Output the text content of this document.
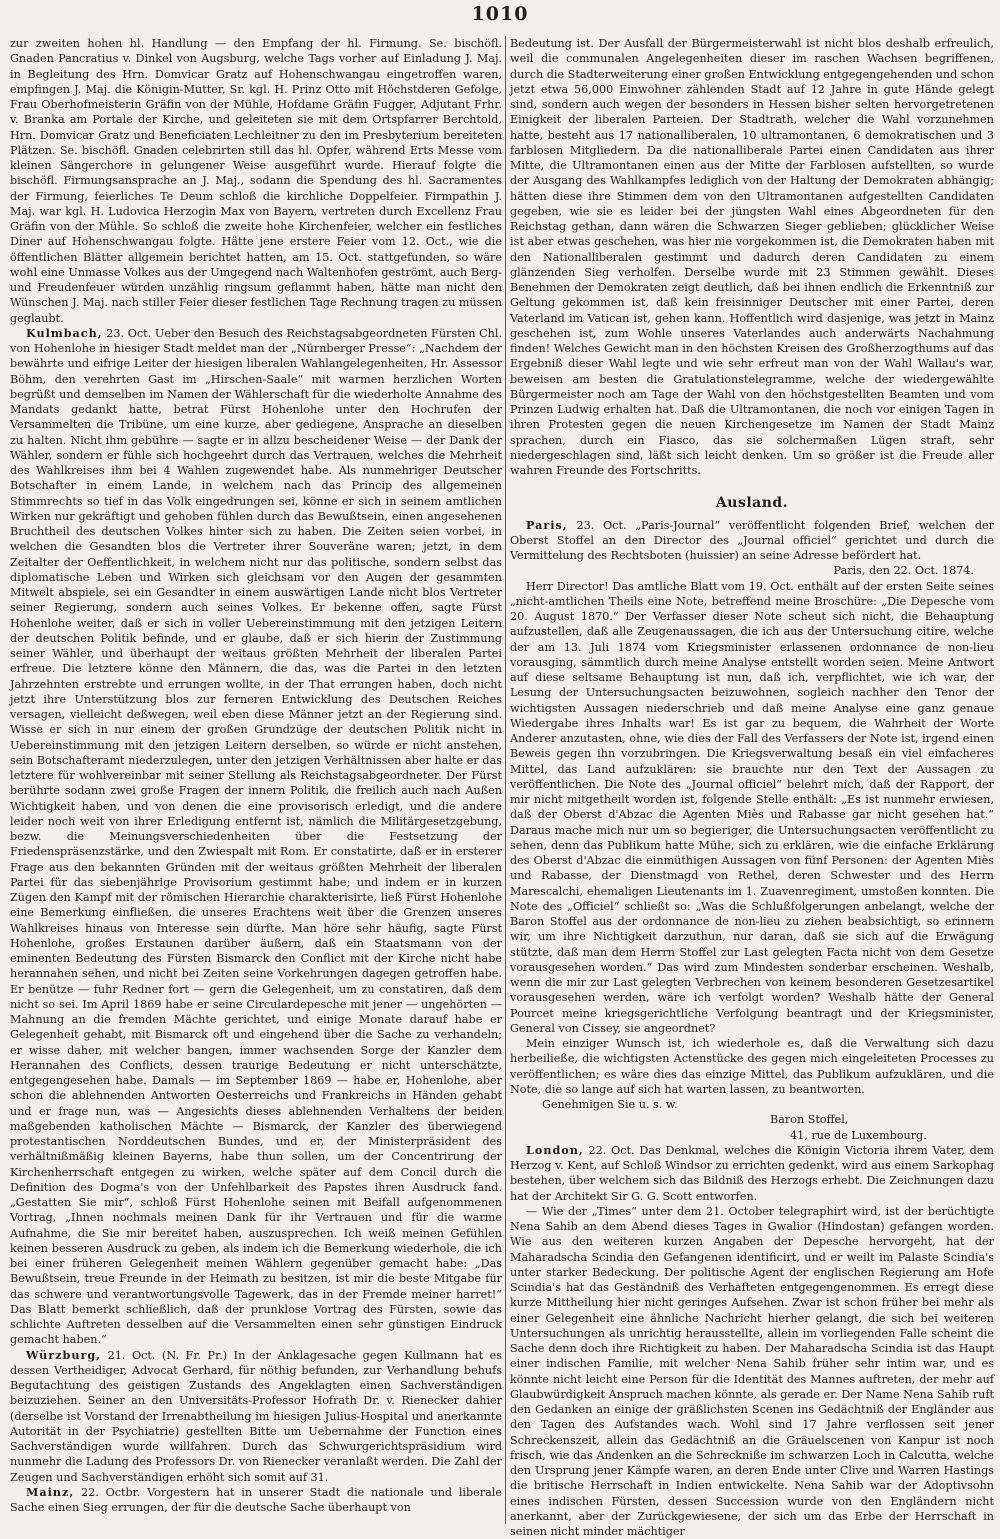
1010

zur zweiten hohen hl. Handlung — den Empfang der hl. Firmung. Se. bischöfl. Gnaden Pancratius v. Dinkel von Augsburg, welche Tags vorher auf Einladung J. Maj. in Begleitung des Hrn. Domvicar Gratz auf Hohenschwangau eingetroffen waren, empfingen J. Maj. die Königin-Mutter, Sr. kgl. H. Prinz Otto mit Höchstderen Gefolge, Frau Oberhofmeisterin Gräfin von der Mühle, Hofdame Gräfin Fugger, Adjutant Frhr. v. Branka am Portale der Kirche, und geleiteten sie mit dem Ortspfarrer Berchtold, Hrn. Domvicar Gratz und Beneficiaten Lechleitner zu den im Presbyterium bereiteten Plätzen. Se. bischöfl. Gnaden celebrirten still das hl. Opfer, während Erts Messe vom kleinen Sängerchore in gelungener Weise ausgeführt wurde. Hierauf folgte die bischöfl. Firmungsansprache an J. Maj., sodann die Spendung des hl. Sacramentes der Firmung, feierliches Te Deum schloß die kirchliche Doppelfeier. Firmpathin J. Maj. war kgl. H. Ludovica Herzogin Max von Bayern, vertreten durch Excellenz Frau Gräfin von der Mühle. So schloß die zweite hohe Kirchenfeier, welcher ein festliches Diner auf Hohenschwangau folgte. Hätte jene erstere Feier vom 12. Oct., wie die öffentlichen Blätter allgemein berichtet hatten, am 15. Oct. stattgefunden, so wäre wohl eine Unmasse Volkes aus der Umgegend nach Waltenhofen geströmt, auch Berg- und Freudenfeuer würden unzählig ringsum geflammt haben, hätte man nicht den Wünschen J. Maj. nach stiller Feier dieser festlichen Tage Rechnung tragen zu müssen geglaubt.

Kulmbach, 23. Oct. Ueber den Besuch des Reichstagsabgeordneten Fürsten Chl. von Hohenlohe in hiesiger Stadt meldet man der „Nürnberger Presse“: „Nachdem der bewährte und eifrige Leiter der hiesigen liberalen Wahlangelegenheiten, Hr. Assessor Böhm, den verehrten Gast im „Hirschen-Saale“ mit warmen herzlichen Worten begrüßt und demselben im Namen der Wählerschaft für die wiederholte Annahme des Mandats gedankt hatte, betrat Fürst Hohenlohe unter den Hochrufen der Versammelten die Tribüne, um eine kurze, aber gediegene, Ansprache an dieselben zu halten. Nicht ihm gebühre — sagte er in allzu bescheidener Weise — der Dank der Wähler, sondern er fühle sich hochgeehrt durch das Vertrauen, welches die Mehrheit des Wahlkreises ihm bei 4 Wahlen zugewendet habe. Als nunmehriger Deutscher Botschafter in einem Lande, in welchem nach das Princip des allgemeinen Stimmrechts so tief in das Volk eingedrungen sei, könne er sich in seinem amtlichen Wirken nur gekräftigt und gehoben fühlen durch das Bewußtsein, einen angesehenen Bruchtheil des deutschen Volkes hinter sich zu haben. Die Zeiten seien vorbei, in welchen die Gesandten blos die Vertreter ihrer Souveräne waren; jetzt, in dem Zeitalter der Oeffentlichkeit, in welchem nicht nur das politische, sondern selbst das diplomatische Leben und Wirken sich gleichsam vor den Augen der gesammten Mitwelt abspiele, sei ein Gesandter in einem auswärtigen Lande nicht blos Vertreter seiner Regierung, sondern auch seines Volkes. Er bekenne offen, sagte Fürst Hohenlohe weiter, daß er sich in voller Uebereinstimmung mit den jetzigen Leitern der deutschen Politik befinde, und er glaube, daß er sich hierin der Zustimmung seiner Wähler, und überhaupt der weitaus größten Mehrheit der liberalen Partei erfreue. Die letztere könne den Männern, die das, was die Partei in den letzten Jahrzehnten erstrebte und errungen wollte, in der That errungen haben, doch nicht jetzt ihre Unterstützung blos zur ferneren Entwicklung des Deutschen Reiches versagen, vielleicht deßwegen, weil eben diese Männer jetzt an der Regierung sind. Wisse er sich in nur einem der großen Grundzüge der deutschen Politik nicht in Uebereinstimmung mit den jetzigen Leitern derselben, so würde er nicht anstehen, sein Botschafteramt niederzulegen, unter den jetzigen Verhältnissen aber halte er das letztere für wohlvereinbar mit seiner Stellung als Reichstagsabgeordneter. Der Fürst berührte sodann zwei große Fragen der innern Politik, die freilich auch nach Außen Wichtigkeit haben, und von denen die eine provisorisch erledigt, und die andere leider noch weit von ihrer Erledigung entfernt ist, nämlich die Militärgesetzgebung, bezw. die Meinungsverschiedenheiten über die Festsetzung der Friedenspräsenzstärke, und den Zwiespalt mit Rom. Er constatirte, daß er in ersterer Frage aus den bekannten Gründen mit der weitaus größten Mehrheit der liberalen Partei für das siebenjährige Provisorium gestimmt habe; und indem er in kurzen Zügen den Kampf mit der römischen Hierarchie charakterisirte, ließ Fürst Hohenlohe eine Bemerkung einfließen, die unseres Erachtens weit über die Grenzen unseres Wahlkreises hinaus von Interesse sein dürfte. Man höre sehr häufig, sagte Fürst Hohenlohe, großes Erstaunen darüber äußern, daß ein Staatsmann von der eminenten Bedeutung des Fürsten Bismarck den Conflict mit der Kirche nicht habe herannahen sehen, und nicht bei Zeiten seine Vorkehrungen dagegen getroffen habe. Er benütze — fuhr Redner fort — gern die Gelegenheit, um zu constatiren, daß dem nicht so sei. Im April 1869 habe er seine Circulardepesche mit jener — ungehörten — Mahnung an die fremden Mächte gerichtet, und einige Monate darauf habe er Gelegenheit gehabt, mit Bismarck oft und eingehend über die Sache zu verhandeln; er wisse daher, mit welcher bangen, immer wachsenden Sorge der Kanzler dem Herannahen des Conflicts, dessen traurige Bedeutung er nicht unterschätzte, entgegengesehen habe. Damals — im September 1869 — habe er, Hohenlohe, aber schon die ablehnenden Antworten Oesterreichs und Frankreichs in Händen gehabt und er frage nun, was — Angesichts dieses ablehnenden Verhaltens der beiden maßgebenden katholischen Mächte — Bismarck, der Kanzler des überwiegend protestantischen Norddeutschen Bundes, und er, der Ministerpräsident des verhältnißmäßig kleinen Bayerns, habe thun sollen, um der Concentrirung der Kirchenherrschaft entgegen zu wirken, welche später auf dem Concil durch die Definition des Dogma's von der Unfehlbarkeit des Papstes ihren Ausdruck fand. „Gestatten Sie mir“, schloß Fürst Hohenlohe seinen mit Beifall aufgenommenen Vortrag, „Ihnen nochmals meinen Dank für ihr Vertrauen und für die warme Aufnahme, die Sie mir bereitet haben, auszusprechen. Ich weiß meinen Gefühlen keinen besseren Ausdruck zu geben, als indem ich die Bemerkung wiederhole, die ich bei einer früheren Gelegenheit meinen Wählern gegenüber gemacht habe: „Das Bewußtsein, treue Freunde in der Heimath zu besitzen, ist mir die beste Mitgabe für das schwere und verantwortungsvolle Tagewerk, das in der Fremde meiner harret!“ Das Blatt bemerkt schließlich, daß der prunklose Vortrag des Fürsten, sowie das schlichte Auftreten desselben auf die Versammelten einen sehr günstigen Eindruck gemacht haben.“

Würzburg, 21. Oct. (N. Fr. Pr.) In der Anklagesache gegen Kullmann hat es dessen Vertheidiger, Advocat Gerhard, für nöthig befunden, zur Verhandlung behufs Begutachtung des geistigen Zustands des Angeklagten einen Sachverständigen beizuziehen. Seiner an den Universitäts-Professor Hofrath Dr. v. Rienecker dahier (derselbe ist Vorstand der Irrenabtheilung im hiesigen Julius-Hospital und anerkannte Autorität in der Psychiatrie) gestellten Bitte um Uebernahme der Function eines Sachverständigen wurde willfahren. Durch das Schwurgerichtspräsidium wird nunmehr die Ladung des Professors Dr. von Rienecker veranlaßt werden. Die Zahl der Zeugen und Sachverständigen erhöht sich somit auf 31.

Mainz, 22. Octbr. Vorgestern hat in unserer Stadt die nationale und liberale Sache einen Sieg errungen, der für die deutsche Sache überhaupt von

Bedeutung ist. Der Ausfall der Bürgermeisterwahl ist nicht blos deshalb erfreulich, weil die communalen Angelegenheiten dieser im raschen Wachsen begriffenen, durch die Stadterweiterung einer großen Entwicklung entgegengehenden und schon jetzt etwa 56,000 Einwohner zählenden Stadt auf 12 Jahre in gute Hände gelegt sind, sondern auch wegen der besonders in Hessen bisher selten hervorgetretenen Einigkeit der liberalen Parteien. Der Stadtrath, welcher die Wahl vorzunehmen hatte, besteht aus 17 nationalliberalen, 10 ultramontanen, 6 demokratischen und 3 farblosen Mitgliedern. Da die nationalliberale Partei einen Candidaten aus ihrer Mitte, die Ultramontanen einen aus der Mitte der Farblosen aufstellten, so wurde der Ausgang des Wahlkampfes lediglich von der Haltung der Demokraten abhängig; hätten diese ihre Stimmen dem von den Ultramontanen aufgestellten Candidaten gegeben, wie sie es leider bei der jüngsten Wahl eines Abgeordneten für den Reichstag gethan, dann wären die Schwarzen Sieger geblieben; glücklicher Weise ist aber etwas geschehen, was hier nie vorgekommen ist, die Demokraten haben mit den Nationalliberalen gestimmt und dadurch deren Candidaten zu einem glänzenden Sieg verholfen. Derselbe wurde mit 23 Stimmen gewählt. Dieses Benehmen der Demokraten zeigt deutlich, daß bei ihnen endlich die Erkenntniß zur Geltung gekommen ist, daß kein freisinniger Deutscher mit einer Partei, deren Vaterland im Vatican ist, gehen kann. Hoffentlich wird dasjenige, was jetzt in Mainz geschehen ist, zum Wohle unseres Vaterlandes auch anderwärts Nachahmung finden! Welches Gewicht man in den höchsten Kreisen des Großherzogthums auf das Ergebniß dieser Wahl legte und wie sehr erfreut man von der Wahl Wallau's war, beweisen am besten die Gratulationstelegramme, welche der wiedergewählte Bürgermeister noch am Tage der Wahl von den höchstgestellten Beamten und vom Prinzen Ludwig erhalten hat. Daß die Ultramontanen, die noch vor einigen Tagen in ihren Protesten gegen die neuen Kirchengesetze im Namen der Stadt Mainz sprachen, durch ein Fiasco, das sie solchermaßen Lügen straft, sehr niedergeschlagen sind, läßt sich leicht denken. Um so größer ist die Freude aller wahren Freunde des Fortschritts.

Ausland.

Paris, 23. Oct. „Paris-Journal“ veröffentlicht folgenden Brief, welchen der Oberst Stoffel an den Director des „Journal officiel“ gerichtet und durch die Vermittelung des Rechtsboten (huissier) an seine Adresse befördert hat.

Paris, den 22. Oct. 1874.

Herr Director! Das amtliche Blatt vom 19. Oct. enthält auf der ersten Seite seines „nicht-amtlichen Theils eine Note, betreffend meine Broschüre: „Die Depesche vom 20. August 1870.“ Der Verfasser dieser Note scheut sich nicht, die Behauptung aufzustellen, daß alle Zeugenaussagen, die ich aus der Untersuchung citire, welche der am 13. Juli 1874 vom Kriegsminister erlassenen ordonnance de non-lieu vorausging, sämmtlich durch meine Analyse entstellt worden seien. Meine Antwort auf diese seltsame Behauptung ist nun, daß ich, verpflichtet, wie ich war, der Lesung der Untersuchungsacten beizuwohnen, sogleich nachher den Tenor der wichtigsten Aussagen niederschrieb und daß meine Analyse eine ganz genaue Wiedergabe ihres Inhalts war! Es ist gar zu bequem, die Wahrheit der Worte Anderer anzutasten, ohne, wie dies der Fall des Verfassers der Note ist, irgend einen Beweis gegen ihn vorzubringen. Die Kriegsverwaltung besaß ein viel einfacheres Mittel, das Land aufzuklären: sie brauchte nur den Text der Aussagen zu veröffentlichen. Die Note des „Journal officiel“ belehrt mich, daß der Rapport, der mir nicht mitgetheilt worden ist, folgende Stelle enthält: „Es ist nunmehr erwiesen, daß der Oberst d'Abzac die Agenten Miès und Rabasse gar nicht gesehen hat.“ Daraus mache mich nur um so begieriger, die Untersuchungsacten veröffentlicht zu sehen, denn das Publikum hatte Mühe, sich zu erklären, wie die einfache Erklärung des Oberst d'Abzac die einmüthigen Aussagen von fünf Personen: der Agenten Miès und Rabasse, der Dienstmagd von Rethel, deren Schwester und des Herrn Marescalchi, ehemaligen Lieutenants im 1. Zuavenregiment, umstoßen konnten. Die Note des „Officiel“ schließt so: „Was die Schlußfolgerungen anbelangt, welche der Baron Stoffel aus der ordonnance de non-lieu zu ziehen beabsichtigt, so erinnern wir, um ihre Nichtigkeit darzuthun, nur daran, daß sie sich auf die Erwägung stützte, daß man dem Herrn Stoffel zur Last gelegten Facta nicht von dem Gesetze vorausgesehen worden.“ Das wird zum Mindesten sonderbar erscheinen. Weshalb, wenn die mir zur Last gelegten Verbrechen von keinem besonderen Gesetzesartikel vorausgesehen werden, wäre ich verfolgt worden? Weshalb hätte der General Pourcet meine kriegsgerichtliche Verfolgung beantragt und der Kriegsminister, General von Cissey, sie angeordnet?

Mein einziger Wunsch ist, ich wiederhole es, daß die Verwaltung sich dazu herbeiließe, die wichtigsten Actenstücke des gegen mich eingeleiteten Processes zu veröffentlichen; es wäre dies das einzige Mittel, das Publikum aufzuklären, und die Note, die so lange auf sich hat warten lassen, zu beantworten.

Genehmigen Sie u. s. w.

Baron Stoffel,

41, rue de Luxembourg.

London, 22. Oct. Das Denkmal, welches die Königin Victoria ihrem Vater, dem Herzog v. Kent, auf Schloß Windsor zu errichten gedenkt, wird aus einem Sarkophag bestehen, über welchem sich das Bildniß des Herzogs erhebt. Die Zeichnungen dazu hat der Architekt Sir G. G. Scott entworfen.

— Wie der „Times“ unter dem 21. October telegraphirt wird, ist der berüchtigte Nena Sahib an dem Abend dieses Tages in Gwalior (Hindostan) gefangen worden. Wie aus den weiteren kurzen Angaben der Depesche hervorgeht, hat der Maharadscha Scindia den Gefangenen identificirt, und er weilt im Palaste Scindia's unter starker Bedeckung. Der politische Agent der englischen Regierung am Hofe Scindia's hat das Geständniß des Verhafteten entgegengenommen. Es erregt diese kurze Mittheilung hier nicht geringes Aufsehen. Zwar ist schon früher bei mehr als einer Gelegenheit eine ähnliche Nachricht hierher gelangt, die sich bei weiteren Untersuchungen als unrichtig herausstellte, allein im vorliegenden Falle scheint die Sache denn doch ihre Richtigkeit zu haben. Der Maharadscha Scindia ist das Haupt einer indischen Familie, mit welcher Nena Sahib früher sehr intim war, und es könnte nicht leicht eine Person für die Identität des Mannes auftreten, der mehr auf Glaubwürdigkeit Anspruch machen könnte, als gerade er. Der Name Nena Sahib ruft den Gedanken an einige der gräßlichsten Scenen ins Gedächtniß der Engländer aus den Tagen des Aufstandes wach. Wohl sind 17 Jahre verflossen seit jener Schreckenszeit, allein das Gedächtniß an die Gräuelscenen von Kanpur ist noch frisch, wie das Andenken an die Schreckniße im schwarzen Loch in Calcutta, welche den Ursprung jener Kämpfe waren, an deren Ende unter Clive und Warren Hastings die britische Herrschaft in Indien entwickelte. Nena Sahib war der Adoptivsohn eines indischen Fürsten, dessen Succession wurde von den Engländern nicht anerkannt, aber der Zurückgewiesene, der sich um das Erbe der Herrschaft in seinen nicht minder mächtiger
